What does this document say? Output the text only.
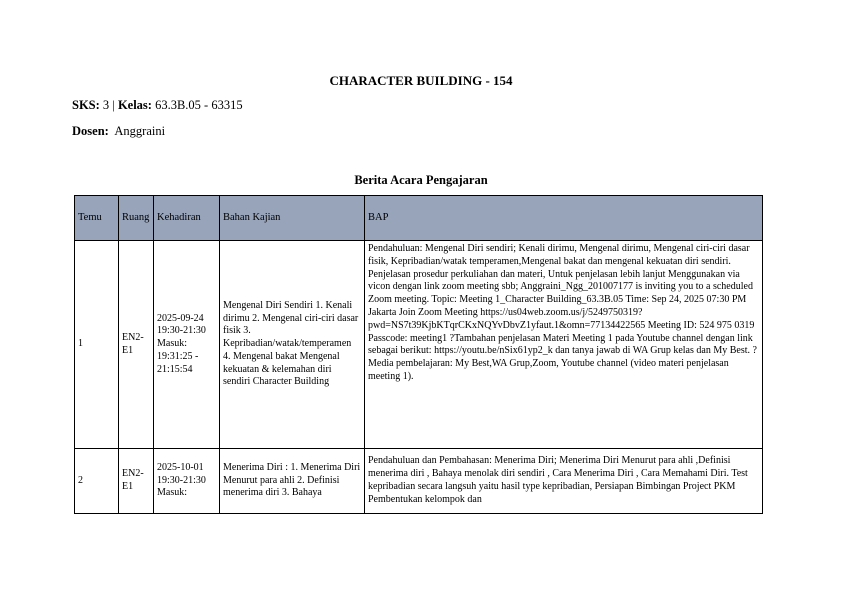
CHARACTER BUILDING - 154
SKS: 3 | Kelas: 63.3B.05 - 63315
Dosen: Anggraini
Berita Acara Pengajaran
Temu	Ruang	Kehadiran	Bahan Kajian	BAP
1	EN2-E1	2025-09-24 19:30-21:30 Masuk: 19:31:25 - 21:15:54	Mengenal Diri Sendiri 1. Kenali dirimu 2. Mengenal ciri-ciri dasar fisik 3. Kepribadian/watak/temperamen 4. Mengenal bakat Mengenal kekuatan & kelemahan diri sendiri Character Building	Pendahuluan: Mengenal Diri sendiri; Kenali dirimu, Mengenal dirimu, Mengenal ciri-ciri dasar fisik, Kepribadian/watak temperamen,Mengenal bakat dan mengenal kekuatan diri sendiri. Penjelasan prosedur perkuliahan dan materi, Untuk penjelasan lebih lanjut Menggunakan via vicon dengan link zoom meeting sbb; Anggraini_Ngg_201007177 is inviting you to a scheduled Zoom meeting. Topic: Meeting 1_Character Building_63.3B.05 Time: Sep 24, 2025 07:30 PM Jakarta Join Zoom Meeting https://us04web.zoom.us/j/5249750319?pwd=NS7t39KjbKTqrCKxNQYvDbvZ1yfaut.1&omn=77134422565 Meeting ID: 524 975 0319 Passcode: meeting1 ?Tambahan penjelasan Materi Meeting 1 pada Youtube channel dengan link sebagai berikut: https://youtu.be/nSix61yp2_k dan tanya jawab di WA Grup kelas dan My Best. ?Media pembelajaran: My Best,WA Grup,Zoom, Youtube channel (video materi penjelasan meeting 1).
2	EN2-E1	2025-10-01 19:30-21:30 Masuk:	Menerima Diri : 1. Menerima Diri Menurut para ahli 2. Definisi menerima diri 3. Bahaya	Pendahuluan dan Pembahasan: Menerima Diri; Menerima Diri Menurut para ahli ,Definisi menerima diri , Bahaya menolak diri sendiri , Cara Menerima Diri , Cara Memahami Diri. Test kepribadian secara langsuh yaitu hasil type kepribadian, Persiapan Bimbingan Project PKM Pembentukan kelompok dan
